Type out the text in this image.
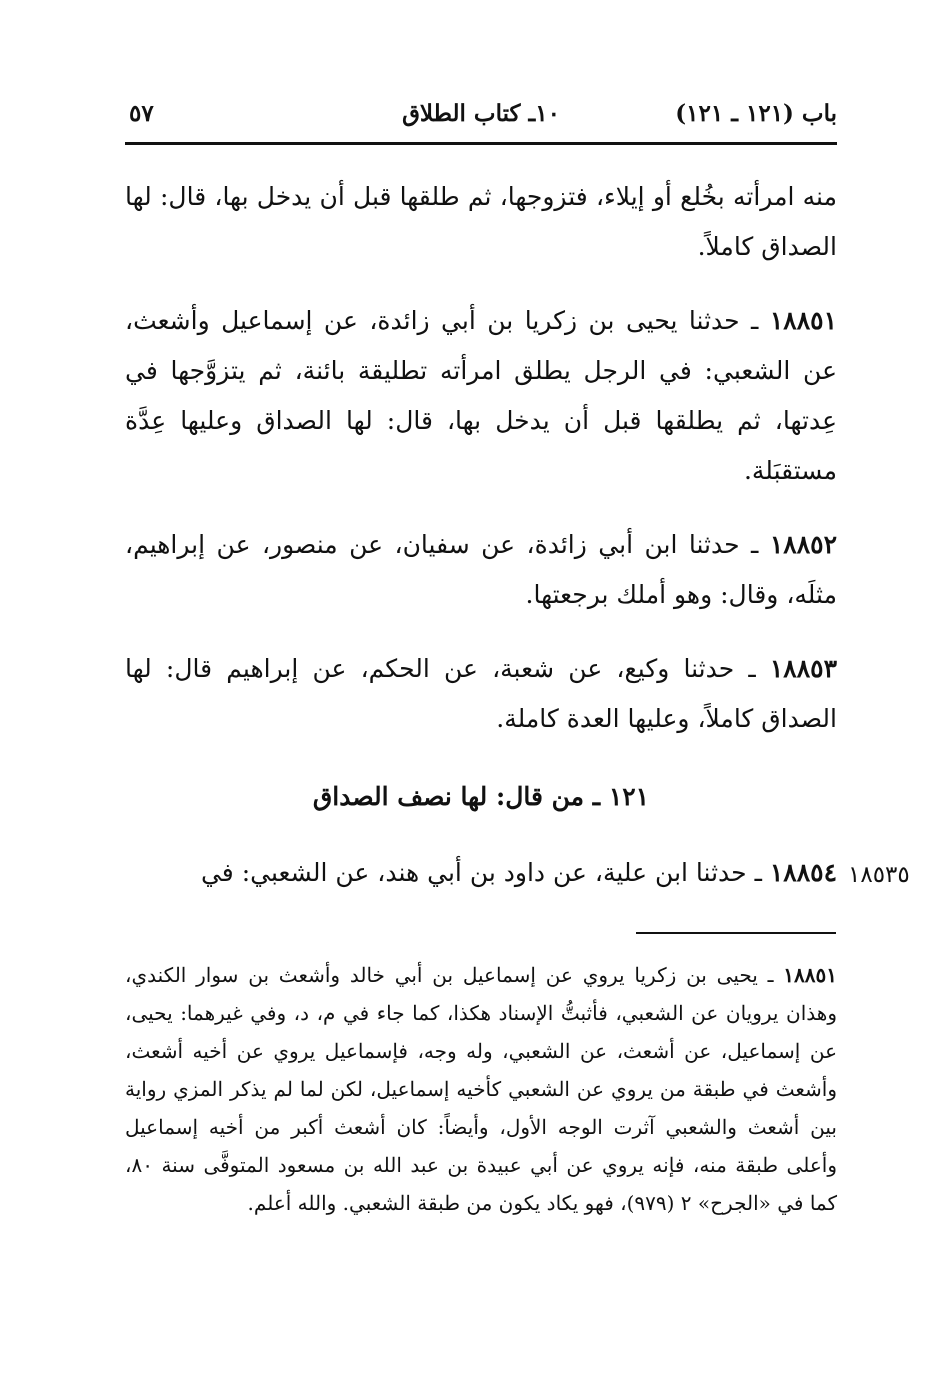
باب (١٢١ ـ ١٢١)
١٠ـ كتاب الطلاق
٥٧

منه امرأته بخُلع أو إيلاء، فتزوجها، ثم طلقها قبل أن يدخل بها، قال: لها الصداق كاملاً.

١٨٨٥١ ـ حدثنا يحيى بن زكريا بن أبي زائدة، عن إسماعيل وأشعث، عن الشعبي: في الرجل يطلق امرأته تطليقة بائنة، ثم يتزوَّجها في عِدتها، ثم يطلقها قبل أن يدخل بها، قال: لها الصداق وعليها عِدَّة مستقبَلة.

١٨٨٥٢ ـ حدثنا ابن أبي زائدة، عن سفيان، عن منصور، عن إبراهيم، مثلَه، وقال: وهو أملك برجعتها.

١٨٨٥٣ ـ حدثنا وكيع، عن شعبة، عن الحكم، عن إبراهيم قال: لها الصداق كاملاً، وعليها العدة كاملة.

١٢١ ـ من قال: لها نصف الصداق

١٨٨٥٤ ـ حدثنا ابن علية، عن داود بن أبي هند، عن الشعبي: في	١٨٥٣٥

١٨٨٥١ ـ يحيى بن زكريا يروي عن إسماعيل بن أبي خالد وأشعث بن سوار الكندي، وهذان يرويان عن الشعبي، فأثبتُّ الإسناد هكذا، كما جاء في م، د، وفي غيرهما: يحيى، عن إسماعيل، عن أشعث، عن الشعبي، وله وجه، فإسماعيل يروي عن أخيه أشعث، وأشعث في طبقة من يروي عن الشعبي كأخيه إسماعيل، لكن لما لم يذكر المزي رواية بين أشعث والشعبي آثرت الوجه الأول، وأيضاً: كان أشعث أكبر من أخيه إسماعيل وأعلى طبقة منه، فإنه يروي عن أبي عبيدة بن عبد الله بن مسعود المتوفَّى سنة ٨٠، كما في «الجرح» ٢ (٩٧٩)، فهو يكاد يكون من طبقة الشعبي. والله أعلم.
